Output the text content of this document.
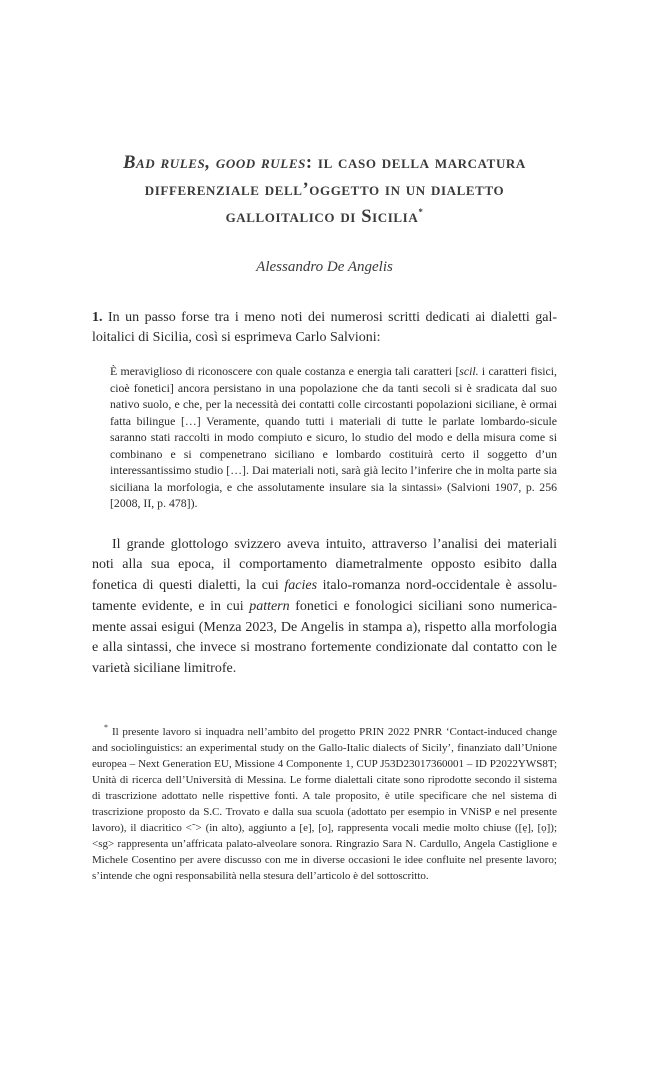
Bad rules, good rules: il caso della marcatura differenziale dell’oggetto in un dialetto galloitalico di Sicilia*
Alessandro De Angelis

1. In un passo forse tra i meno noti dei numerosi scritti dedicati ai dialetti galloitalici di Sicilia, così si esprimeva Carlo Salvioni:

È meraviglioso di riconoscere con quale costanza e energia tali caratteri [scil. i caratteri fisici, cioè fonetici] ancora persistano in una popolazione che da tanti secoli si è sradicata dal suo nativo suolo, e che, per la necessità dei contatti colle circostanti popolazioni siciliane, è ormai fatta bilingue […] Veramente, quando tutti i materiali di tutte le parlate lombardo-sicule saranno stati raccolti in modo compiuto e sicuro, lo studio del modo e della misura come si combinano e si compenetrano siciliano e lombardo costituirà certo il soggetto d’un interessantissimo studio […]. Dai materiali noti, sarà già lecito l’inferire che in molta parte sia siciliana la morfologia, e che assolutamente insulare sia la sintassi» (Salvioni 1907, p. 256 [2008, II, p. 478]).

Il grande glottologo svizzero aveva intuito, attraverso l’analisi dei materiali noti alla sua epoca, il comportamento diametralmente opposto esibito dalla fonetica di questi dialetti, la cui facies italo-romanza nord-occidentale è assolutamente evidente, e in cui pattern fonetici e fonologici siciliani sono numericamente assai esigui (Menza 2023, De Angelis in stampa a), rispetto alla morfologia e alla sintassi, che invece si mostrano fortemente condizionate dal contatto con le varietà siciliane limitrofe.

* Il presente lavoro si inquadra nell’ambito del progetto PRIN 2022 PNRR ‘Contact-induced change and sociolinguistics: an experimental study on the Gallo-Italic dialects of Sicily’, finanziato dall’Unione europea – Next Generation EU, Missione 4 Componente 1, CUP J53D23017360001 – ID P2022YWS8T; Unità di ricerca dell’Università di Messina. Le forme dialettali citate sono riprodotte secondo il sistema di trascrizione adottato nelle rispettive fonti. A tale proposito, è utile specificare che nel sistema di trascrizione proposto da S.C. Trovato e dalla sua scuola (adottato per esempio in VNiSP e nel presente lavoro), il diacritico <˜> (in alto), aggiunto a [e], [o], rappresenta vocali medie molto chiuse ([ẹ], [ọ]); <sg> rappresenta un’affricata palato-alveolare sonora. Ringrazio Sara N. Cardullo, Angela Castiglione e Michele Cosentino per avere discusso con me in diverse occasioni le idee confluite nel presente lavoro; s’intende che ogni responsabilità nella stesura dell’articolo è del sottoscritto.
